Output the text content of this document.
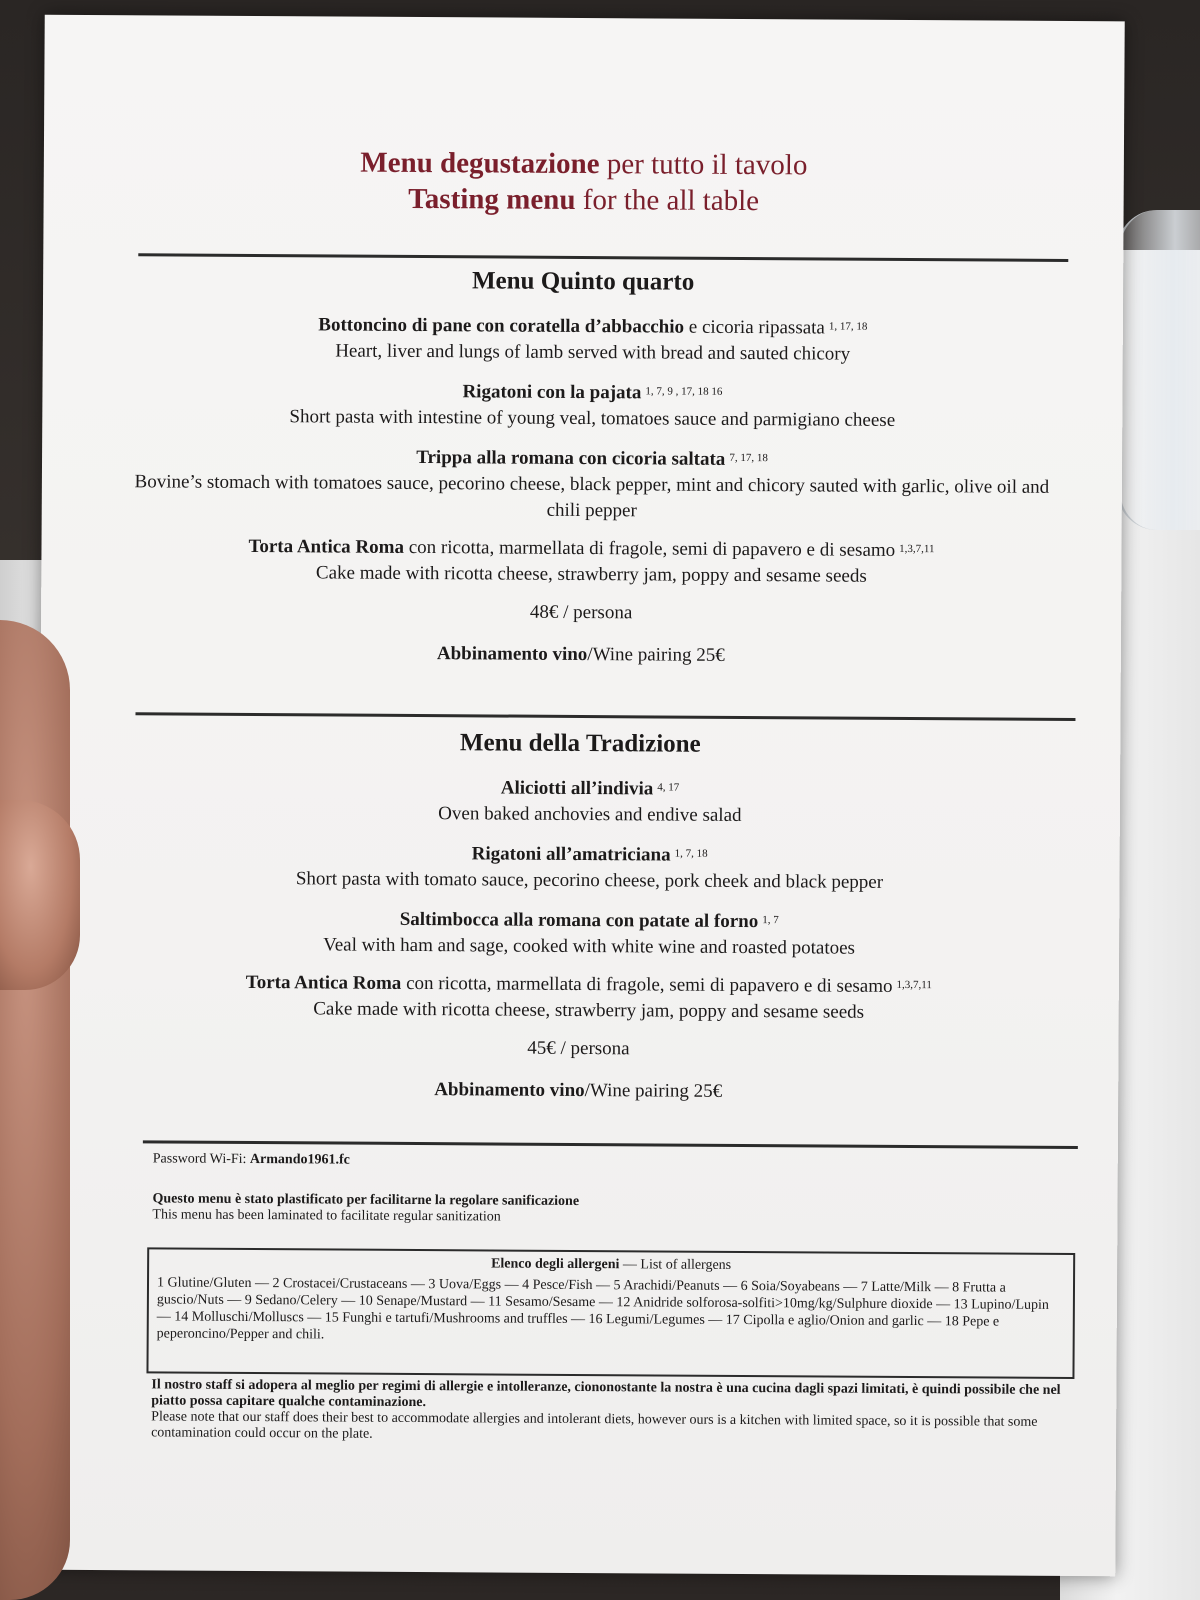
Menu degustazione per tutto il tavolo
Tasting menu for the all table
Menu Quinto quarto
Bottoncino di pane con coratella d’abbacchio e cicoria ripassata $^{1, 17, 18}$
Heart, liver and lungs of lamb served with bread and sauted chicory
Rigatoni con la pajata $^{1, 7, 9 , 17, 18 16}$
Short pasta with intestine of young veal, tomatoes sauce and parmigiano cheese
Trippa alla romana con cicoria saltata $^{7, 17, 18}$
Bovine’s stomach with tomatoes sauce, pecorino cheese, black pepper, mint and chicory sauted with garlic, olive oil and chili pepper
Torta Antica Roma con ricotta, marmellata di fragole, semi di papavero e di sesamo $^{1,3,7,11}$
Cake made with ricotta cheese, strawberry jam, poppy and sesame seeds
48€ / persona
Abbinamento vino/Wine pairing 25€
Menu della Tradizione
Aliciotti all’indivia $^{4, 17}$
Oven baked anchovies and endive salad
Rigatoni all’amatriciana $^{1, 7, 18}$
Short pasta with tomato sauce, pecorino cheese, pork cheek and black pepper
Saltimbocca alla romana con patate al forno $^{1, 7}$
Veal with ham and sage, cooked with white wine and roasted potatoes
Torta Antica Roma con ricotta, marmellata di fragole, semi di papavero e di sesamo $^{1,3,7,11}$
Cake made with ricotta cheese, strawberry jam, poppy and sesame seeds
45€ / persona
Abbinamento vino/Wine pairing 25€
Password Wi-Fi: Armando1961.fc
Questo menu è stato plastificato per facilitarne la regolare sanificazione
This menu has been laminated to facilitate regular sanitization
Elenco degli allergeni — List of allergens
1 Glutine/Gluten — 2 Crostacei/Crustaceans — 3 Uova/Eggs — 4 Pesce/Fish — 5 Arachidi/Peanuts — 6 Soia/Soyabeans — 7 Latte/Milk — 8 Frutta a guscio/Nuts — 9 Sedano/Celery — 10 Senape/Mustard — 11 Sesamo/Sesame — 12 Anidride solforosa-solfiti>10mg/kg/Sulphure dioxide — 13 Lupino/Lupin — 14 Molluschi/Molluscs — 15 Funghi e tartufi/Mushrooms and truffles — 16 Legumi/Legumes — 17 Cipolla e aglio/Onion and garlic — 18 Pepe e peperoncino/Pepper and chili.
Il nostro staff si adopera al meglio per regimi di allergie e intolleranze, ciononostante la nostra è una cucina dagli spazi limitati, è quindi possibile che nel piatto possa capitare qualche contaminazione.
Please note that our staff does their best to accommodate allergies and intolerant diets, however ours is a kitchen with limited space, so it is possible that some contamination could occur on the plate.
